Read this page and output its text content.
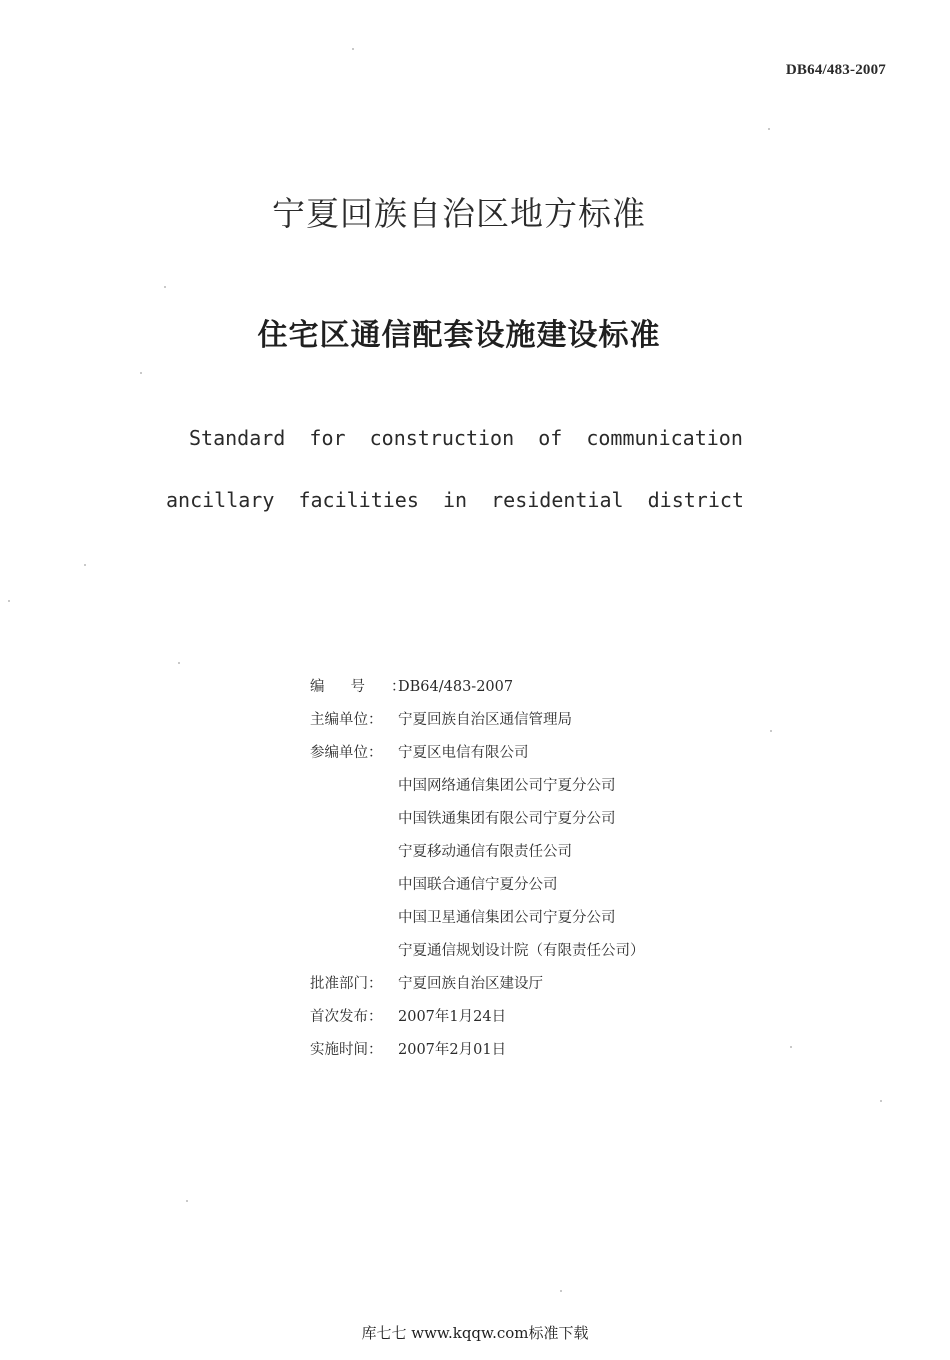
DB64/483-2007
宁夏回族自治区地方标准
住宅区通信配套设施建设标准
Standard  for  construction  of  communication
ancillary  facilities  in  residential  district
编号：
DB64/483-2007
主编单位：	宁夏回族自治区通信管理局
参编单位：	宁夏区电信有限公司
中国网络通信集团公司宁夏分公司
中国铁通集团有限公司宁夏分公司
宁夏移动通信有限责任公司
中国联合通信宁夏分公司
中国卫星通信集团公司宁夏分公司
宁夏通信规划设计院（有限责任公司）
批准部门：	宁夏回族自治区建设厅
首次发布：	2007年1月24日
实施时间：	2007年2月01日
库七七 www.kqqw.com标准下载
